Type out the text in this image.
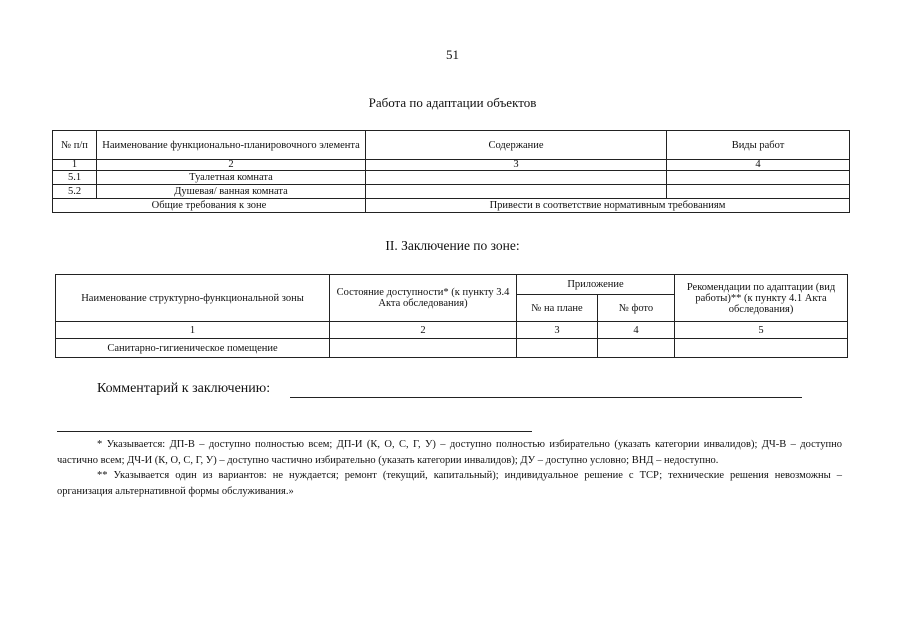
51
Работа по адаптации объектов
№ п/п	Наименование функционально-планировочного элемента	Содержание	Виды работ
1	2	3	4
5.1	Туалетная комната		
5.2	Душевая/ ванная комната		
Общие требования к зоне		Привести в соответствие нормативным требованиям	
II. Заключение по зоне:
Наименование структурно-функциональной зоны	Состояние доступности* (к пункту 3.4 Акта обследования)	Приложение		Рекомендации по адаптации (вид работы)** (к пункту 4.1 Акта обследования)
		№ на плане	№ фото	
1	2	3	4	5
Санитарно-гигиеническое помещение				
Комментарий к заключению:

* Указывается: ДП-В – доступно полностью всем; ДП-И (К, О, С, Г, У) – доступно полностью избирательно (указать категории инвалидов); ДЧ-В – доступно частично всем; ДЧ-И (К, О, С, Г, У) – доступно частично избирательно (указать категории инвалидов); ДУ – доступно условно; ВНД – недоступно.

** Указывается один из вариантов: не нуждается; ремонт (текущий, капитальный); индивидуальное решение с ТСР; технические решения невозможны – организация альтернативной формы обслуживания.»
